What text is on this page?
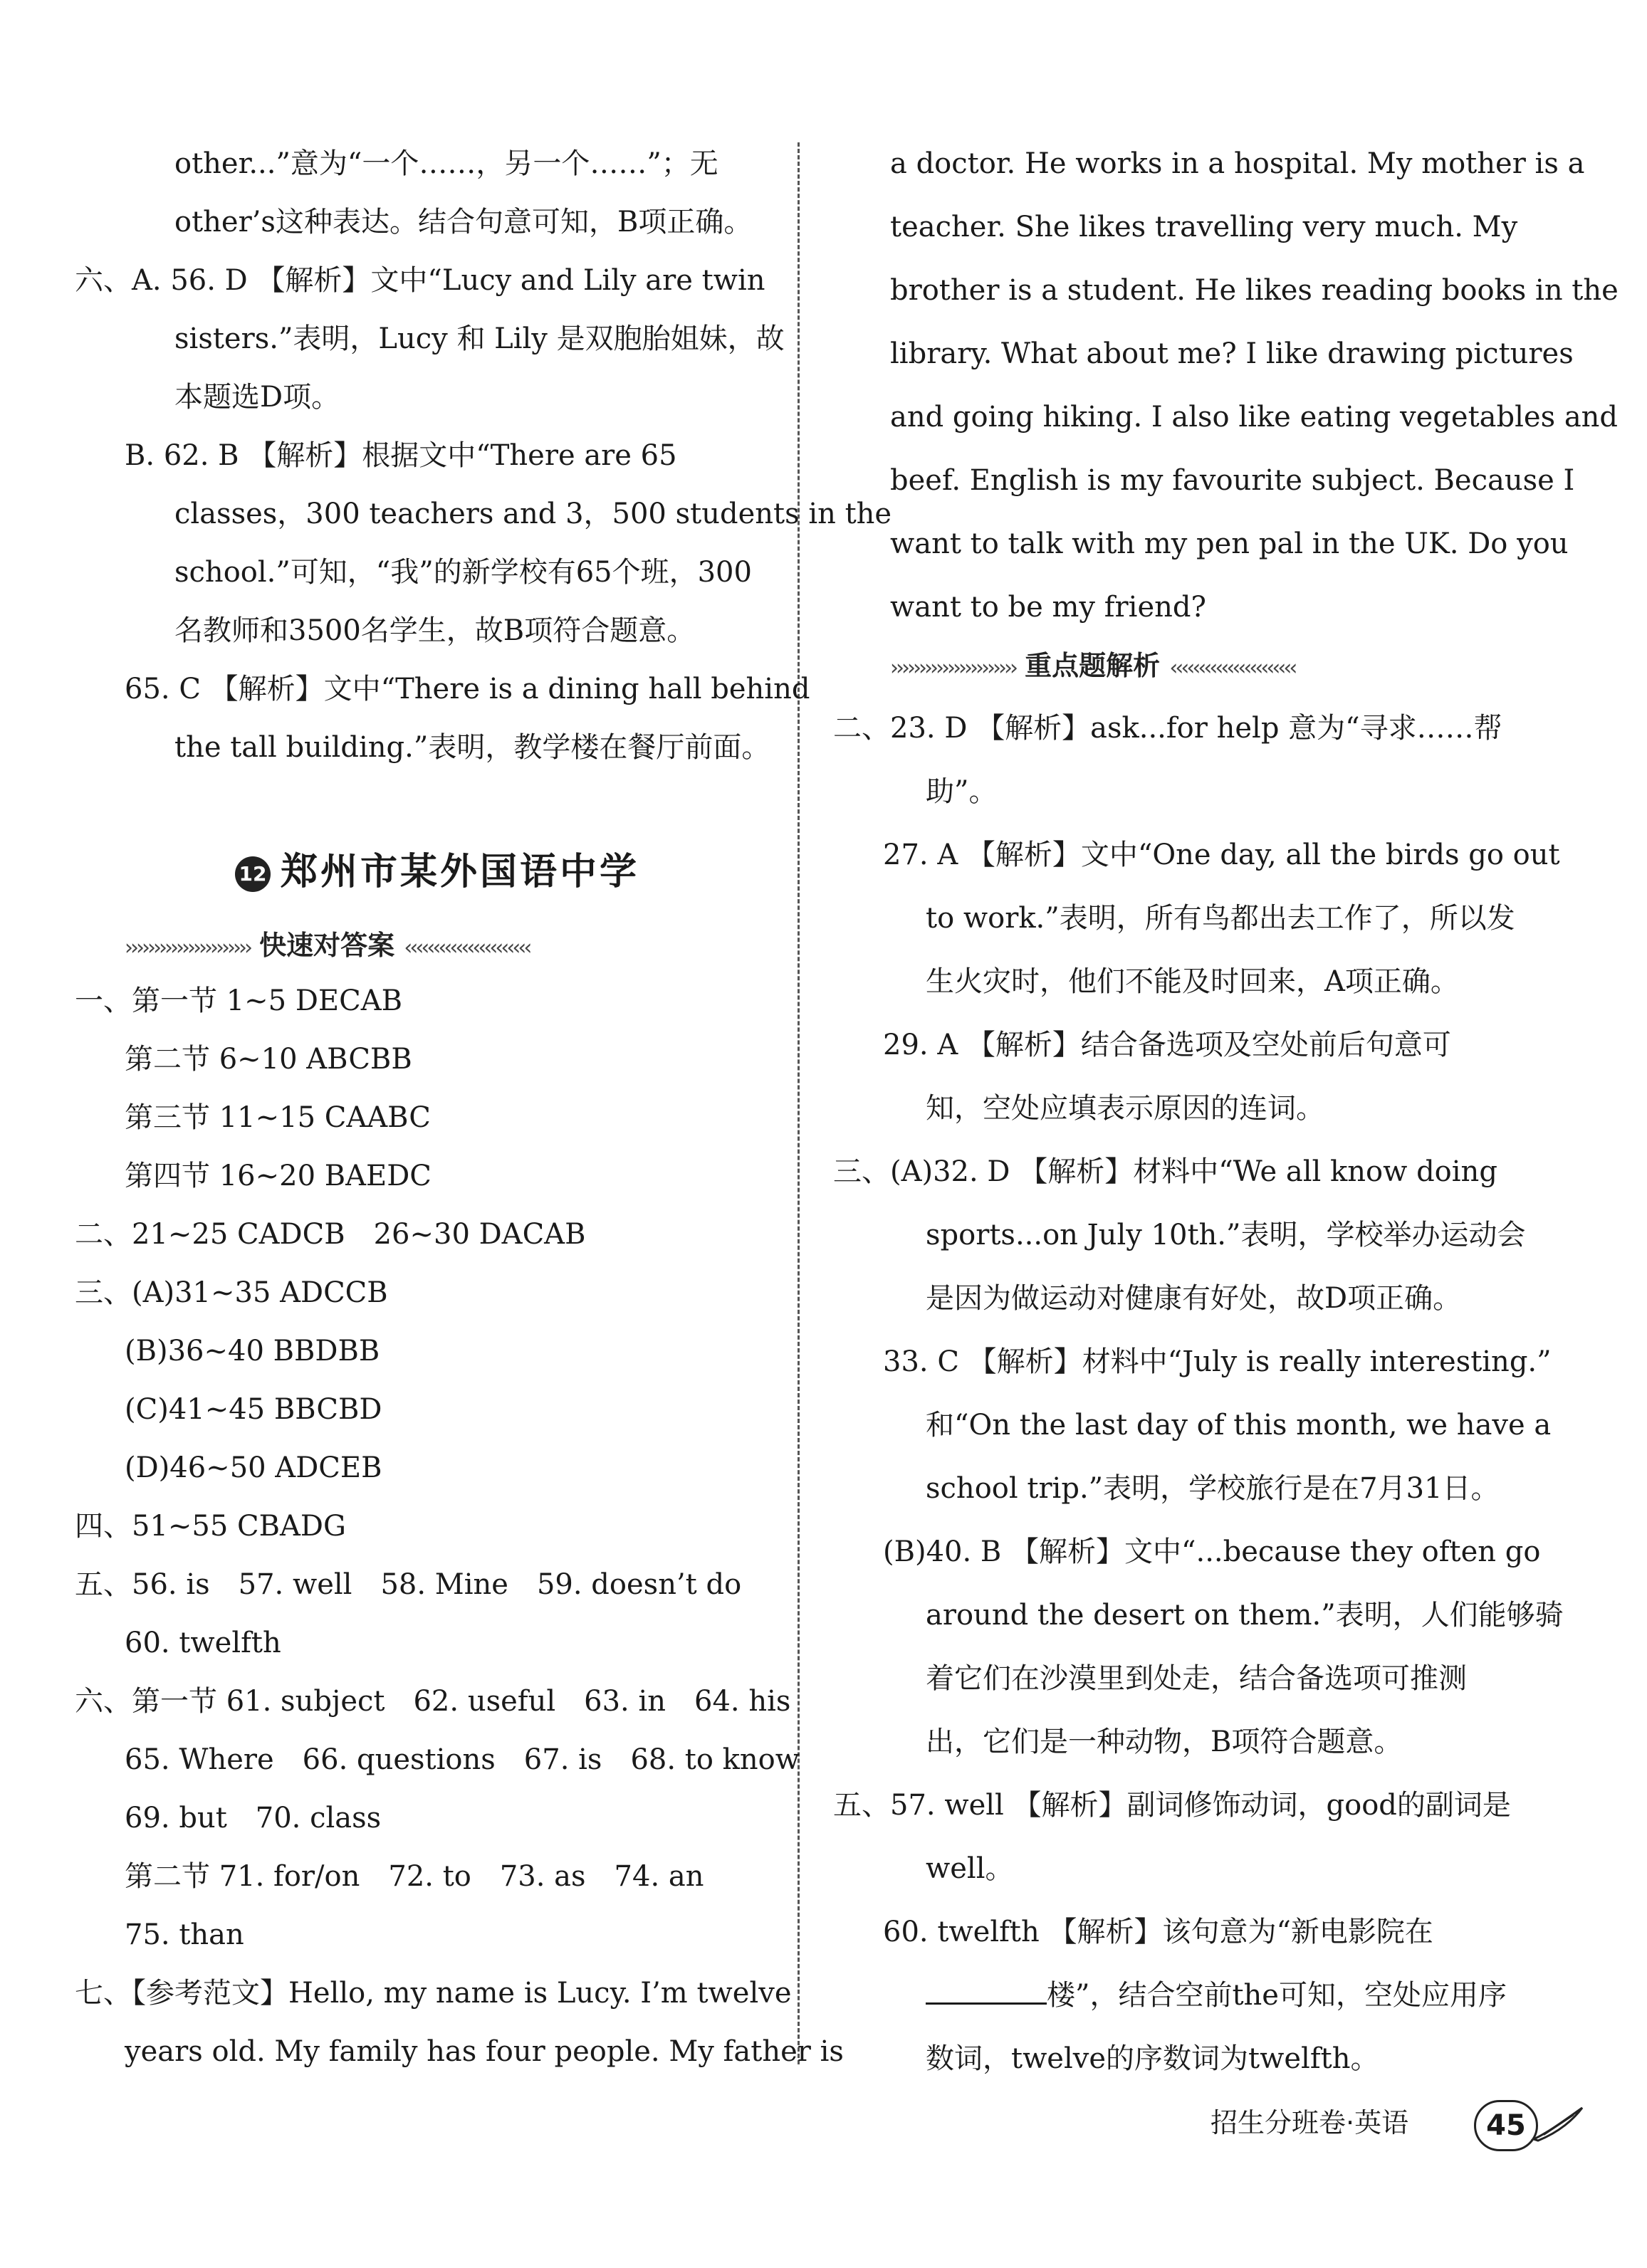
other...”意为“一个……，另一个……”；无
other’s这种表达。结合句意可知，B项正确。
六、A. 56. D 【解析】文中“Lucy and Lily are twin
sisters.”表明，Lucy 和 Lily 是双胞胎姐妹，故
本题选D项。
B. 62. B 【解析】根据文中“There are 65
classes，300 teachers and 3，500 students in the
school.”可知，“我”的新学校有65个班，300
名教师和3500名学生，故B项符合题意。
65. C 【解析】文中“There is a dining hall behind
the tall building.”表明，教学楼在餐厅前面。
12 郑州市某外国语中学
›››››››››››››››››››››› 快速对答案 ‹‹‹‹‹‹‹‹‹‹‹‹‹‹‹‹‹‹‹‹‹‹
一、第一节 1~5 DECAB
第二节 6~10 ABCBB
第三节 11~15 CAABC
第四节 16~20 BAEDC
二、21~25 CADCB　26~30 DACAB
三、(A)31~35 ADCCB
(B)36~40 BBDBB
(C)41~45 BBCBD
(D)46~50 ADCEB
四、51~55 CBADG
五、56. is　57. well　58. Mine　59. doesn’t do
60. twelfth
六、第一节 61. subject　62. useful　63. in　64. his
65. Where　66. questions　67. is　68. to know
69. but　70. class
第二节 71. for/on　72. to　73. as　74. an
75. than
七、【参考范文】Hello, my name is Lucy. I’m twelve
years old. My family has four people. My father is
a doctor. He works in a hospital. My mother is a
teacher. She likes travelling very much. My
brother is a student. He likes reading books in the
library. What about me? I like drawing pictures
and going hiking. I also like eating vegetables and
beef. English is my favourite subject. Because I
want to talk with my pen pal in the UK. Do you
want to be my friend?
›››››››››››››››››››››› 重点题解析 ‹‹‹‹‹‹‹‹‹‹‹‹‹‹‹‹‹‹‹‹‹‹
二、23. D 【解析】ask...for help 意为“寻求……帮
助”。
27. A 【解析】文中“One day, all the birds go out
to work.”表明，所有鸟都出去工作了，所以发
生火灾时，他们不能及时回来，A项正确。
29. A 【解析】结合备选项及空处前后句意可
知，空处应填表示原因的连词。
三、(A)32. D 【解析】材料中“We all know doing
sports...on July 10th.”表明，学校举办运动会
是因为做运动对健康有好处，故D项正确。
33. C 【解析】材料中“July is really interesting.”
和“On the last day of this month, we have a
school trip.”表明，学校旅行是在7月31日。
(B)40. B 【解析】文中“...because they often go
around the desert on them.”表明，人们能够骑
着它们在沙漠里到处走，结合备选项可推测
出，它们是一种动物，B项符合题意。
五、57. well 【解析】副词修饰动词，good的副词是
well。
60. twelfth 【解析】该句意为“新电影院在
楼”，结合空前the可知，空处应用序
数词，twelve的序数词为twelfth。
招生分班卷·英语	45
